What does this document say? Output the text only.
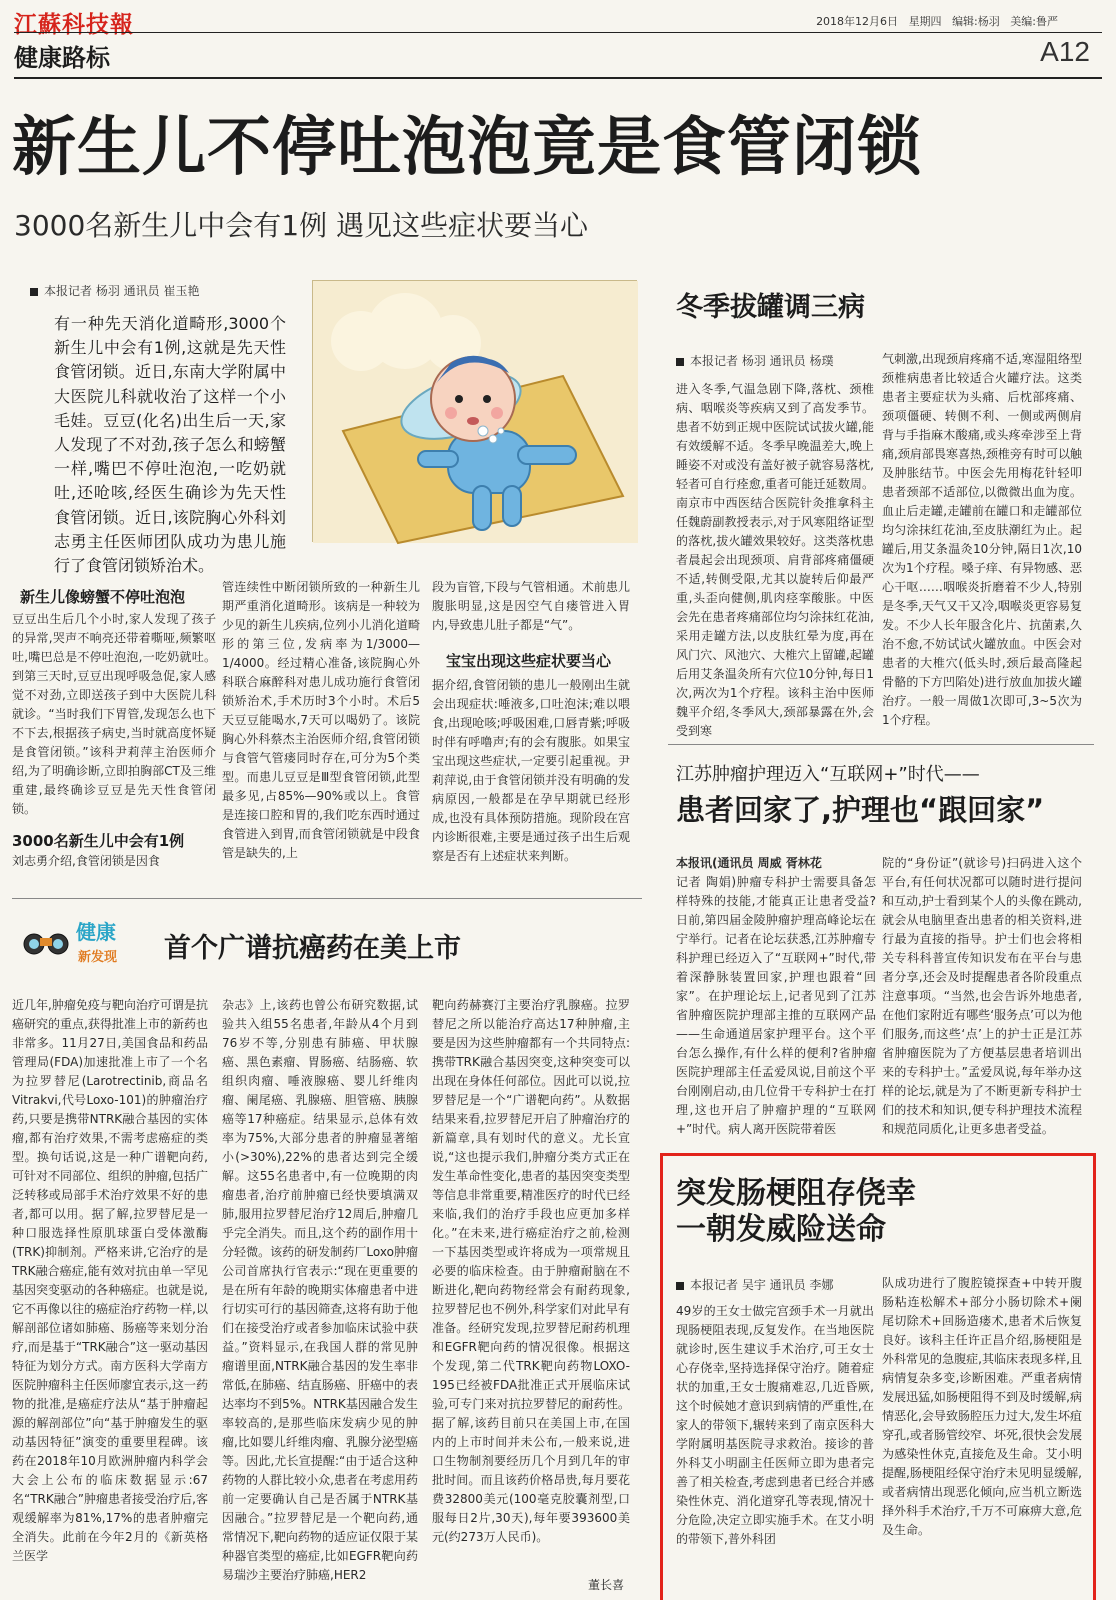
江蘇科技報	2018年12月6日 星期四 编辑:杨羽 美编:鲁严
健康路标	A12
新生儿不停吐泡泡竟是食管闭锁
3000名新生儿中会有1例 遇见这些症状要当心
本报记者 杨羽 通讯员 崔玉艳
有一种先天消化道畸形,3000个新生儿中会有1例,这就是先天性食管闭锁。近日,东南大学附属中大医院儿科就收治了这样一个小毛娃。豆豆(化名)出生后一天,家人发现了不对劲,孩子怎么和螃蟹一样,嘴巴不停吐泡泡,一吃奶就吐,还呛咳,经医生确诊为先天性食管闭锁。近日,该院胸心外科刘志勇主任医师团队成功为患儿施行了食管闭锁矫治术。
新生儿像螃蟹不停吐泡泡
豆豆出生后几个小时,家人发现了孩子的异常,哭声不响亮还带着嘶哑,频繁呕吐,嘴巴总是不停吐泡泡,一吃奶就吐。到第三天时,豆豆出现呼吸急促,家人感觉不对劲,立即送孩子到中大医院儿科就诊。“当时我们下胃管,发现怎么也下不下去,根据孩子病史,当时就高度怀疑是食管闭锁。”该科尹莉萍主治医师介绍,为了明确诊断,立即拍胸部CT及三维重建,最终确诊豆豆是先天性食管闭锁。
3000名新生儿中会有1例
刘志勇介绍,食管闭锁是因食
管连续性中断闭锁所致的一种新生儿期严重消化道畸形。该病是一种较为少见的新生儿疾病,位列小儿消化道畸形的第三位,发病率为1/3000—1/4000。经过精心准备,该院胸心外科联合麻醉科对患儿成功施行食管闭锁矫治术,手术历时3个小时。术后5天豆豆能喝水,7天可以喝奶了。该院胸心外科蔡杰主治医师介绍,食管闭锁与食管气管瘘同时存在,可分为5个类型。而患儿豆豆是Ⅲ型食管闭锁,此型最多见,占85%—90%或以上。食管是连接口腔和胃的,我们吃东西时通过食管进入到胃,而食管闭锁就是中段食管是缺失的,上
段为盲管,下段与气管相通。术前患儿腹胀明显,这是因空气自瘘管进入胃内,导致患儿肚子都是“气”。
宝宝出现这些症状要当心
据介绍,食管闭锁的患儿一般刚出生就会出现症状:唾液多,口吐泡沫;难以喂食,出现呛咳;呼吸困难,口唇青紫;呼吸时伴有呼噜声;有的会有腹胀。如果宝宝出现这些症状,一定要引起重视。尹莉萍说,由于食管闭锁并没有明确的发病原因,一般都是在孕早期就已经形成,也没有具体预防措施。现阶段在宫内诊断很难,主要是通过孩子出生后观察是否有上述症状来判断。
冬季拔罐调三病
本报记者 杨羽 通讯员 杨璞
进入冬季,气温急剧下降,落枕、颈椎病、咽喉炎等疾病又到了高发季节。患者不妨到正规中医院试试拔火罐,能有效缓解不适。冬季早晚温差大,晚上睡姿不对或没有盖好被子就容易落枕,轻者可自行痊愈,重者可能迁延数周。南京市中西医结合医院针灸推拿科主任魏蔚副教授表示,对于风寒阻络证型的落枕,拔火罐效果较好。这类落枕患者晨起会出现颈项、肩背部疼痛僵硬不适,转侧受限,尤其以旋转后仰最严重,头歪向健侧,肌肉痉挛酸胀。中医会先在患者疼痛部位均匀涂抹红花油,采用走罐方法,以皮肤红晕为度,再在风门穴、风池穴、大椎穴上留罐,起罐后用艾条温灸所有穴位10分钟,每日1次,两次为1个疗程。该科主治中医师魏平介绍,冬季风大,颈部暴露在外,会受到寒
气刺激,出现颈肩疼痛不适,寒湿阻络型颈椎病患者比较适合火罐疗法。这类患者主要症状为头痛、后枕部疼痛、颈项僵硬、转侧不利、一侧或两侧肩背与手指麻木酸痛,或头疼牵涉至上背痛,颈肩部畏寒喜热,颈椎旁有时可以触及肿胀结节。中医会先用梅花针轻叩患者颈部不适部位,以微微出血为度。血止后走罐,走罐前在罐口和走罐部位均匀涂抹红花油,至皮肤潮红为止。起罐后,用艾条温灸10分钟,隔日1次,10次为1个疗程。嗓子痒、有异物感、恶心干呕……咽喉炎折磨着不少人,特别是冬季,天气又干又冷,咽喉炎更容易复发。不少人长年服含化片、抗菌素,久治不愈,不妨试试火罐放血。中医会对患者的大椎穴(低头时,颈后最高隆起骨骼的下方凹陷处)进行放血加拔火罐治疗。一般一周做1次即可,3~5次为1个疗程。
江苏肿瘤护理迈入“互联网+”时代——
患者回家了,护理也“跟回家”
本报讯(通讯员 周威 胥林花
记者 陶娟)肿瘤专科护士需要具备怎样特殊的技能,才能真正让患者受益?日前,第四届金陵肿瘤护理高峰论坛在宁举行。记者在论坛获悉,江苏肿瘤专科护理已经迈入了“互联网+”时代,带着深静脉装置回家,护理也跟着“回家”。在护理论坛上,记者见到了江苏省肿瘤医院护理部主推的互联网产品——生命通道居家护理平台。这个平台怎么操作,有什么样的便利?省肿瘤医院护理部主任孟爱凤说,目前这个平台刚刚启动,由几位骨干专科护士在打理,这也开启了肿瘤护理的“互联网+”时代。病人离开医院带着医
院的“身份证”(就诊号)扫码进入这个平台,有任何状况都可以随时进行提问和互动,护士看到某个人的头像在跳动,就会从电脑里查出患者的相关资料,进行最为直接的指导。护士们也会将相关专科科普宣传知识发布在平台与患者分享,还会及时提醒患者各阶段重点注意事项。“当然,也会告诉外地患者,在他们家附近有哪些‘服务点’可以为他们服务,而这些‘点’上的护士正是江苏省肿瘤医院为了方便基层患者培训出来的专科护士。”孟爱凤说,每年举办这样的论坛,就是为了不断更新专科护士们的技术和知识,便专科护理技术流程和规范同质化,让更多患者受益。
健康
新发现 首个广谱抗癌药在美上市
近几年,肿瘤免疫与靶向治疗可谓是抗癌研究的重点,获得批准上市的新药也非常多。11月27日,美国食品和药品管理局(FDA)加速批准上市了一个名为拉罗替尼(Larotrectinib,商品名Vitrakvi,代号Loxo-101)的肿瘤治疗药,只要是携带NTRK融合基因的实体瘤,都有治疗效果,不需考虑癌症的类型。换句话说,这是一种广谱靶向药,可针对不同部位、组织的肿瘤,包括广泛转移或局部手术治疗效果不好的患者,都可以用。据了解,拉罗替尼是一种口服选择性原肌球蛋白受体激酶(TRK)抑制剂。严格来讲,它治疗的是TRK融合癌症,能有效对抗由单一罕见基因突变驱动的各种癌症。也就是说,它不再像以往的癌症治疗药物一样,以解剖部位诸如肺癌、肠癌等来划分治疗,而是基于“TRK融合”这一驱动基因特征为划分方式。南方医科大学南方医院肿瘤科主任医师廖宜表示,这一药物的批准,是癌症疗法从“基于肿瘤起源的解剖部位”向“基于肿瘤发生的驱动基因特征”演变的重要里程碑。该药在2018年10月欧洲肿瘤内科学会大会上公布的临床数据显示:67名“TRK融合”肿瘤患者接受治疗后,客观缓解率为81%,17%的患者肿瘤完全消失。此前在今年2月的《新英格兰医学
杂志》上,该药也曾公布研究数据,试验共入组55名患者,年龄从4个月到76岁不等,分别患有肺癌、甲状腺癌、黑色素瘤、胃肠癌、结肠癌、软组织肉瘤、唾液腺癌、婴儿纤维肉瘤、阑尾癌、乳腺癌、胆管癌、胰腺癌等17种癌症。结果显示,总体有效率为75%,大部分患者的肿瘤显著缩小(>30%),22%的患者达到完全缓解。这55名患者中,有一位晚期的肉瘤患者,治疗前肿瘤已经快要填满双肺,服用拉罗替尼治疗12周后,肿瘤几乎完全消失。而且,这个药的副作用十分轻微。该药的研发制药厂Loxo肿瘤公司首席执行官表示:“现在更重要的是在所有年龄的晚期实体瘤患者中进行切实可行的基因筛查,这将有助于他们在接受治疗或者参加临床试验中获益。”资料显示,在我国人群的常见肿瘤谱里面,NTRK融合基因的发生率非常低,在肺癌、结直肠癌、肝癌中的表达率均不到5%。NTRK基因融合发生率较高的,是那些临床发病少见的肿瘤,比如婴儿纤维肉瘤、乳腺分泌型癌等。因此,尤长宣提醒:“由于适合这种药物的人群比较小众,患者在考虑用药前一定要确认自己是否属于NTRK基因融合。”拉罗替尼是一个靶向药,通常情况下,靶向药物的适应证仅限于某种器官类型的癌症,比如EGFR靶向药易瑞沙主要治疗肺癌,HER2
靶向药赫赛汀主要治疗乳腺癌。拉罗替尼之所以能治疗高达17种肿瘤,主要是因为这些肿瘤都有一个共同特点:携带TRK融合基因突变,这种突变可以出现在身体任何部位。因此可以说,拉罗替尼是一个“广谱靶向药”。从数据结果来看,拉罗替尼开启了肿瘤治疗的新篇章,具有划时代的意义。尤长宣说,“这也提示我们,肿瘤分类方式正在发生革命性变化,患者的基因突变类型等信息非常重要,精准医疗的时代已经来临,我们的治疗手段也应更加多样化。”在未来,进行癌症治疗之前,检测一下基因类型或许将成为一项常规且必要的临床检查。由于肿瘤耐脑在不断进化,靶向药物经常会有耐药现象,拉罗替尼也不例外,科学家们对此早有准备。经研究发现,拉罗替尼耐药机理和EGFR靶向药的情况很像。根据这个发现,第二代TRK靶向药物LOXO-195已经被FDA批准正式开展临床试验,可专门来对抗拉罗替尼的耐药性。据了解,该药目前只在美国上市,在国内的上市时间并未公布,一般来说,进口生物制剂要经历几个月到几年的审批时间。而且该药价格昂贵,每月要花费32800美元(100毫克胶囊剂型,口服每日2片,30天),每年要393600美元(约273万人民币)。
董长喜
突发肠梗阻存侥幸
一朝发威险送命
本报记者 吴宇 通讯员 李娜
49岁的王女士做完宫颈手术一月就出现肠梗阻表现,反复发作。在当地医院就诊时,医生建议手术治疗,可王女士心存侥幸,坚持选择保守治疗。随着症状的加重,王女士腹痛难忍,几近昏厥,这个时候她才意识到病情的严重性,在家人的带领下,辗转来到了南京医科大学附属明基医院寻求救治。接诊的普外科艾小明副主任医师立即为患者完善了相关检查,考虑到患者已经合并感染性休克、消化道穿孔等表现,情况十分危险,决定立即实施手术。在艾小明的带领下,普外科团
队成功进行了腹腔镜探查+中转开腹肠粘连松解术+部分小肠切除术+阑尾切除术+回肠造瘘术,患者术后恢复良好。该科主任许正昌介绍,肠梗阻是外科常见的急腹症,其临床表现多样,且病情复杂多变,诊断困难。严重者病情发展迅猛,如肠梗阻得不到及时缓解,病情恶化,会导致肠腔压力过大,发生坏疽穿孔,或者肠管绞窄、坏死,很快会发展为感染性休克,直接危及生命。艾小明提醒,肠梗阻经保守治疗未见明显缓解,或者病情出现恶化倾向,应当机立断选择外科手术治疗,千万不可麻痹大意,危及生命。
